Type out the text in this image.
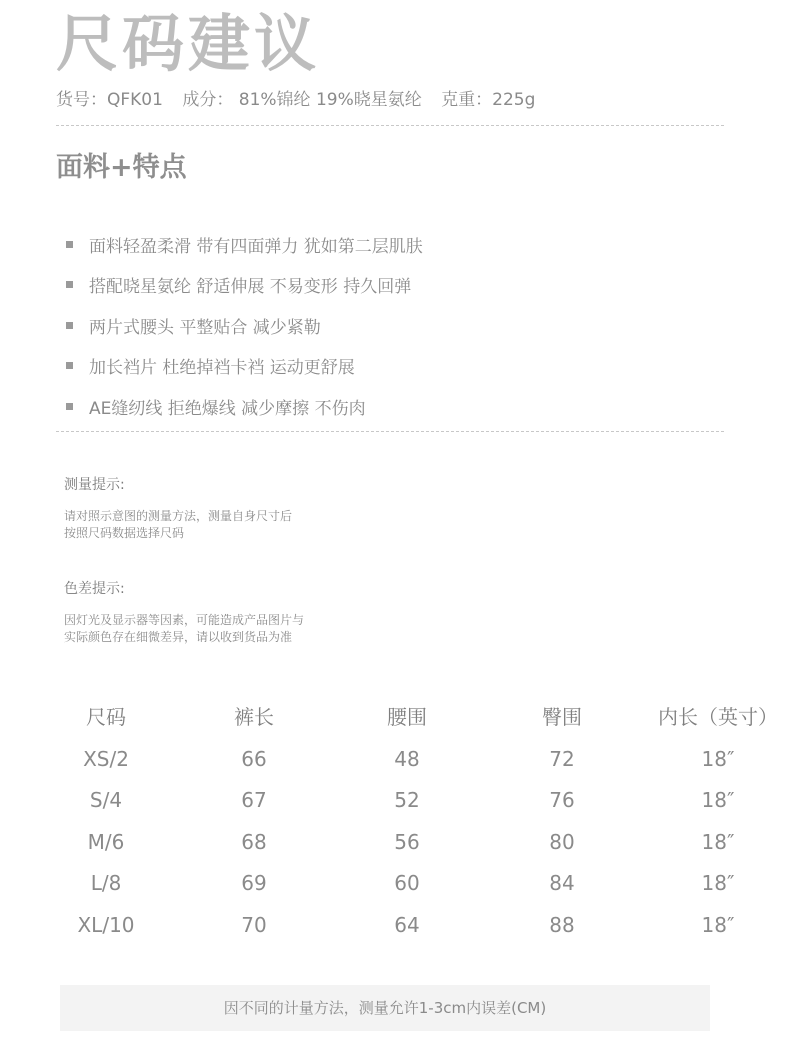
尺码建议
货号：QFK01 成分： 81%锦纶 19%晓星氨纶 克重：225g
面料+特点
面料轻盈柔滑 带有四面弹力 犹如第二层肌肤
搭配晓星氨纶 舒适伸展 不易变形 持久回弹
两片式腰头 平整贴合 减少紧勒
加长裆片 杜绝掉裆卡裆 运动更舒展
AE缝纫线 拒绝爆线 减少摩擦 不伤肉
测量提示:
请对照示意图的测量方法，测量自身尺寸后
按照尺码数据选择尺码
色差提示:
因灯光及显示器等因素，可能造成产品图片与
实际颜色存在细微差异，请以收到货品为准
尺码	裤长	腰围	臀围	内长（英寸）
XS/2	66	48	72	18″
S/4	67	52	76	18″
M/6	68	56	80	18″
L/8	69	60	84	18″
XL/10	70	64	88	18″
因不同的计量方法，测量允许1-3cm内误差(CM)
